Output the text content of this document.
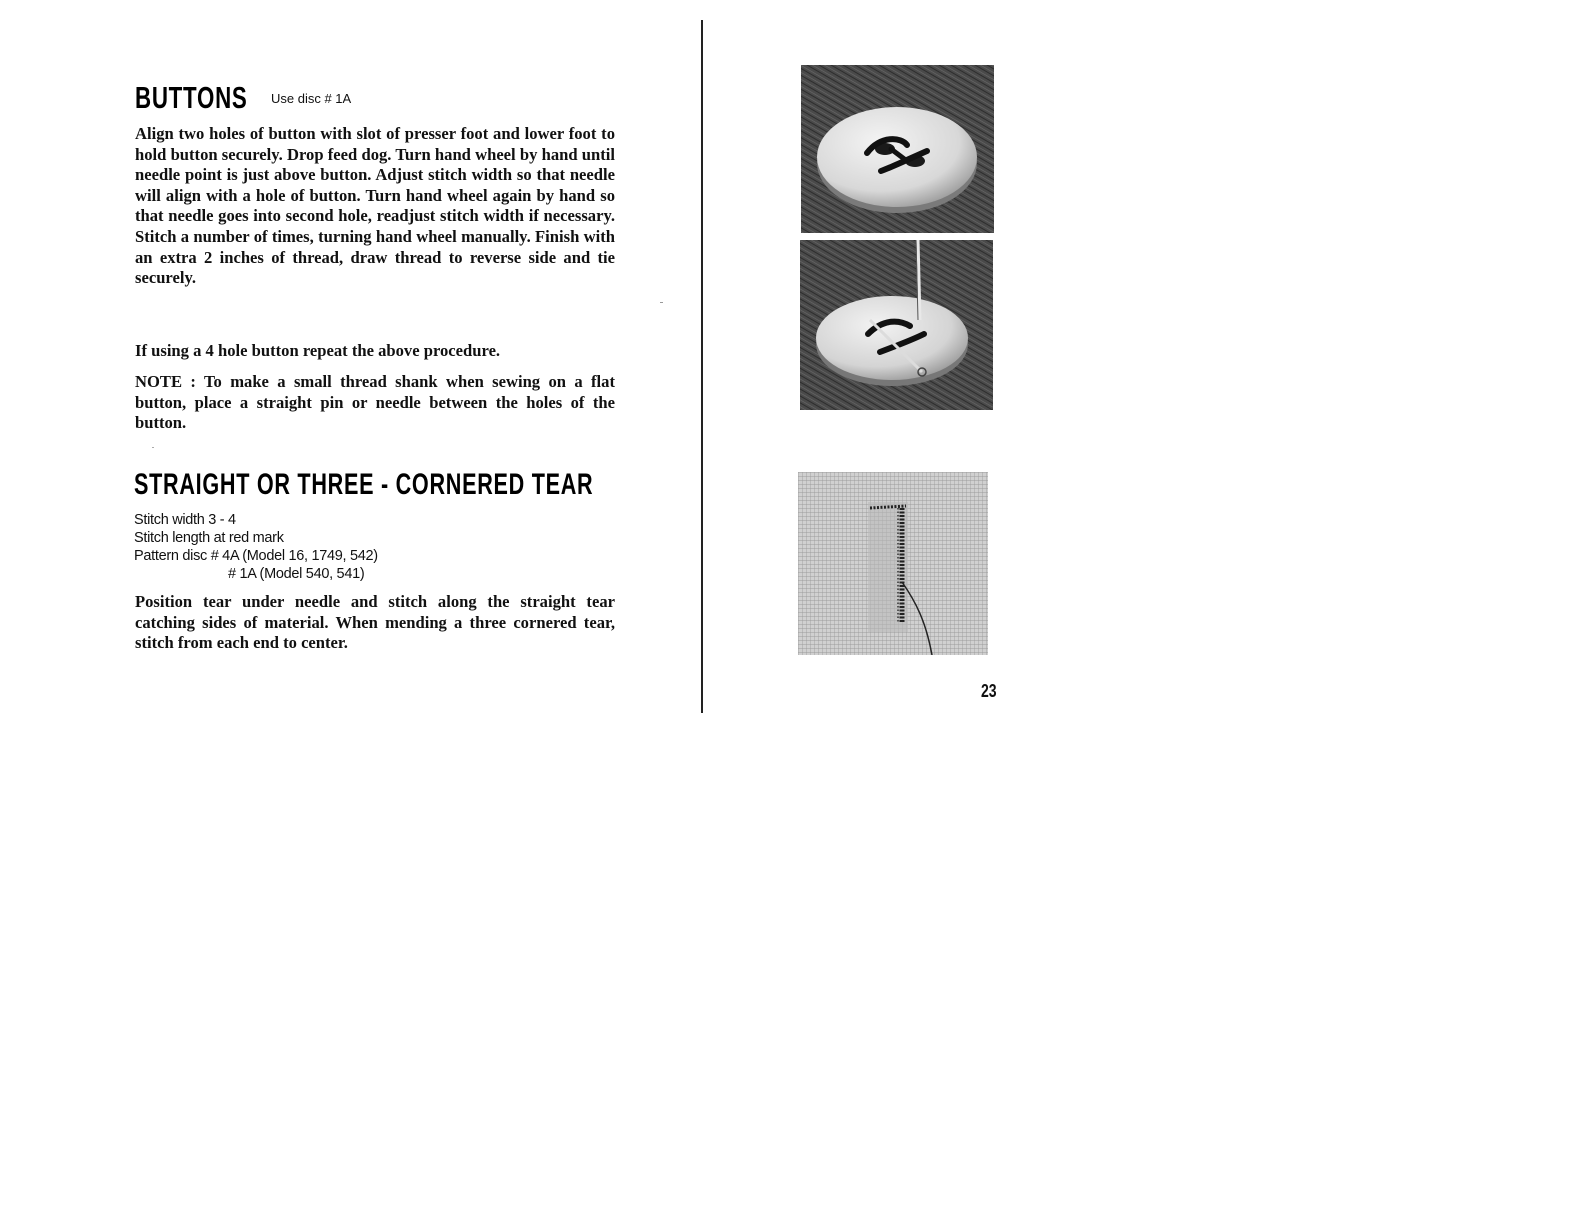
BUTTONS Use disc # 1A

Align two holes of button with slot of presser foot and lower foot to hold button securely. Drop feed dog. Turn hand wheel by hand until needle point is just above button. Adjust stitch width so that needle will align with a hole of button. Turn hand wheel again by hand so that needle goes into second hole, readjust stitch width if necessary. Stitch a number of times, turning hand wheel manually. Finish with an extra 2 inches of thread, draw thread to reverse side and tie securely.

If using a 4 hole button repeat the above procedure.

NOTE : To make a small thread shank when sewing on a flat button, place a straight pin or needle between the holes of the button.

STRAIGHT OR THREE - CORNERED TEAR
Stitch width 3 - 4
Stitch length at red mark
Pattern disc # 4A (Model 16, 1749, 542)
# 1A (Model 540, 541)

Position tear under needle and stitch along the straight tear catching sides of material. When mending a three cornered tear, stitch from each end to center.

23
